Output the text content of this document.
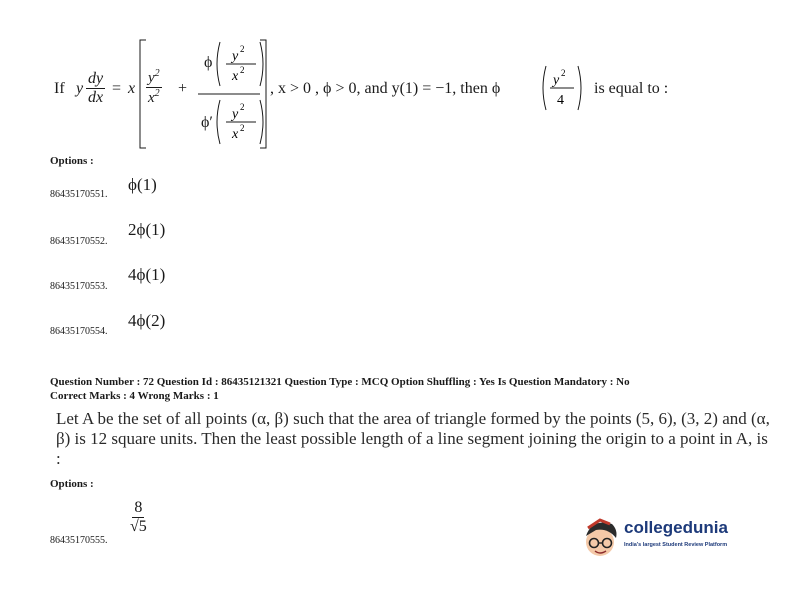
If y $\frac{dy}{dx} = x \frac{y^2}{x^2}$ +
ϕ y 2
x 2
ϕ′ y 2
x 2
, x > 0 , ϕ > 0, and y(1) = −1, then ϕ	y 2
4
is equal to :
Options :
86435170551.
ϕ(1)
86435170552.
2ϕ(1)
86435170553.
4ϕ(1)
86435170554.
4ϕ(2)
Question Number : 72 Question Id : 86435121321 Question Type : MCQ Option Shuffling : Yes Is Question Mandatory : No
Correct Marks : 4 Wrong Marks : 1
Let A be the set of all points (α, β) such that the area of triangle formed by the points (5, 6), (3, 2) and (α, β) is 12 square units. Then the least possible length of a line segment joining the origin to a point in A, is :
Options :
86435170555.
$\frac{8}{√5}$	collegedunia
India's largest Student Review Platform
